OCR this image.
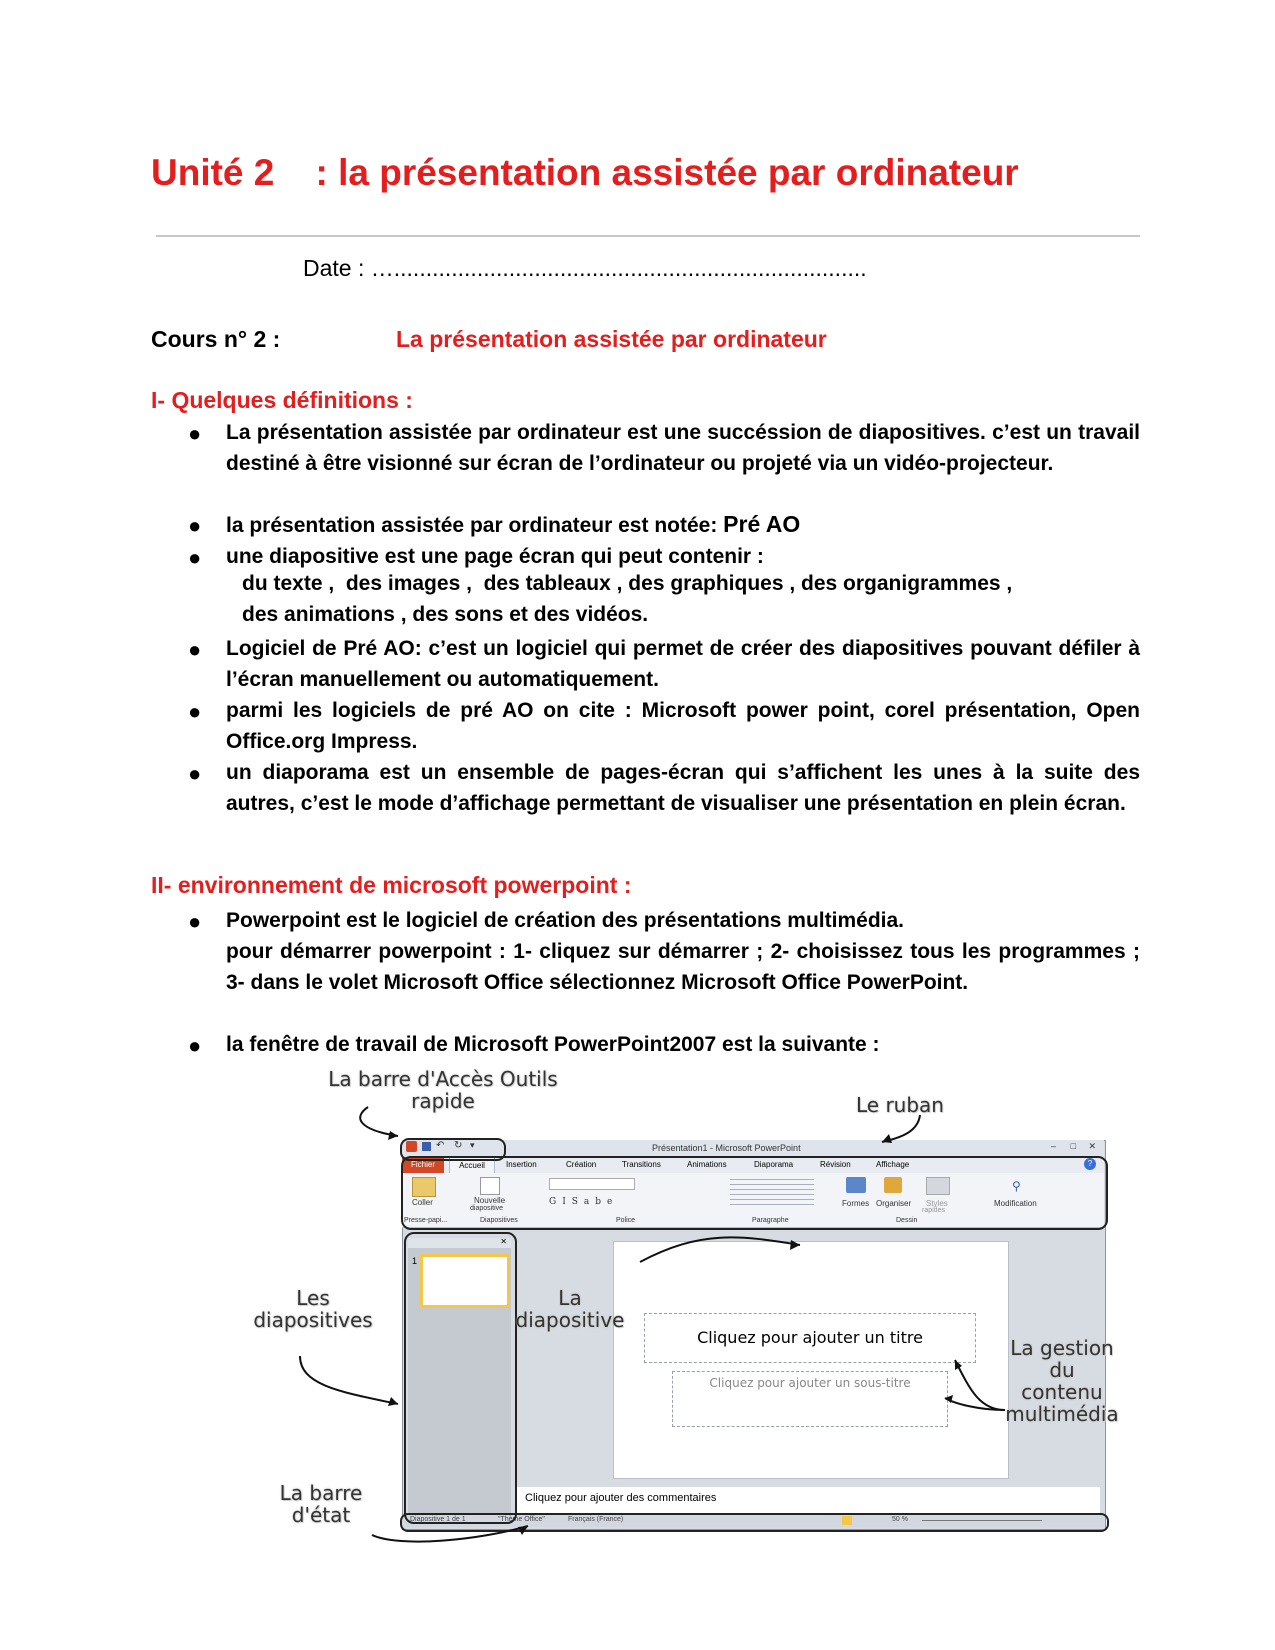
Unité 2    : la présentation assistée par ordinateur
Date : …..........................................................................
Cours n° 2 :	La présentation assistée par ordinateur
I- Quelques définitions :
● La présentation assistée par ordinateur est une succéssion de diapositives. c’est un travail destiné à être visionné sur écran de l’ordinateur ou projeté via un vidéo-projecteur.
● la présentation assistée par ordinateur est notée: Pré AO
● une diapositive est une page écran qui peut contenir :
du texte ,  des images ,  des tableaux , des graphiques , des organigrammes ,
des animations , des sons et des vidéos.
● Logiciel de Pré AO: c’est un logiciel qui permet de créer des diapositives pouvant défiler à l’écran manuellement ou automatiquement.
● parmi les logiciels de pré AO on cite : Microsoft power point, corel présentation, Open Office.org Impress.
● un diaporama est un ensemble de pages-écran qui s’affichent les unes à la suite des autres, c’est le mode d’affichage permettant de visualiser une présentation en plein écran.
II- environnement de microsoft powerpoint :
● Powerpoint est le logiciel de création des présentations multimédia.
pour démarrer powerpoint : 1- cliquez sur démarrer ; 2- choisissez tous les programmes ; 3- dans le volet Microsoft Office sélectionnez Microsoft Office PowerPoint.
● la fenêtre de travail de Microsoft PowerPoint2007 est la suivante :
↶ ↻ ▾	Présentation1 - Microsoft PowerPoint	– □ ✕
Fichier	Accueil	Insertion	Création	Transitions	Animations	Diaporama	Révision	Affichage	?
Coller
Presse-papi...
Nouvelle
diapositive
Diapositives
GISabe
Police	Paragraphe
Formes Organiser Styles
rapides
Dessin
⚲
Modification
✕
1
Cliquez pour ajouter un titre
Cliquez pour ajouter un sous-titre
Cliquez pour ajouter des commentaires
Diapositive 1 de 1	"Thème Office"	Français (France)	50 %
La barre d'Accès Outils
rapide	Le ruban
Les
diapositives
La
diapositive
La gestion
du
contenu
multimédia
La barre
d'état
